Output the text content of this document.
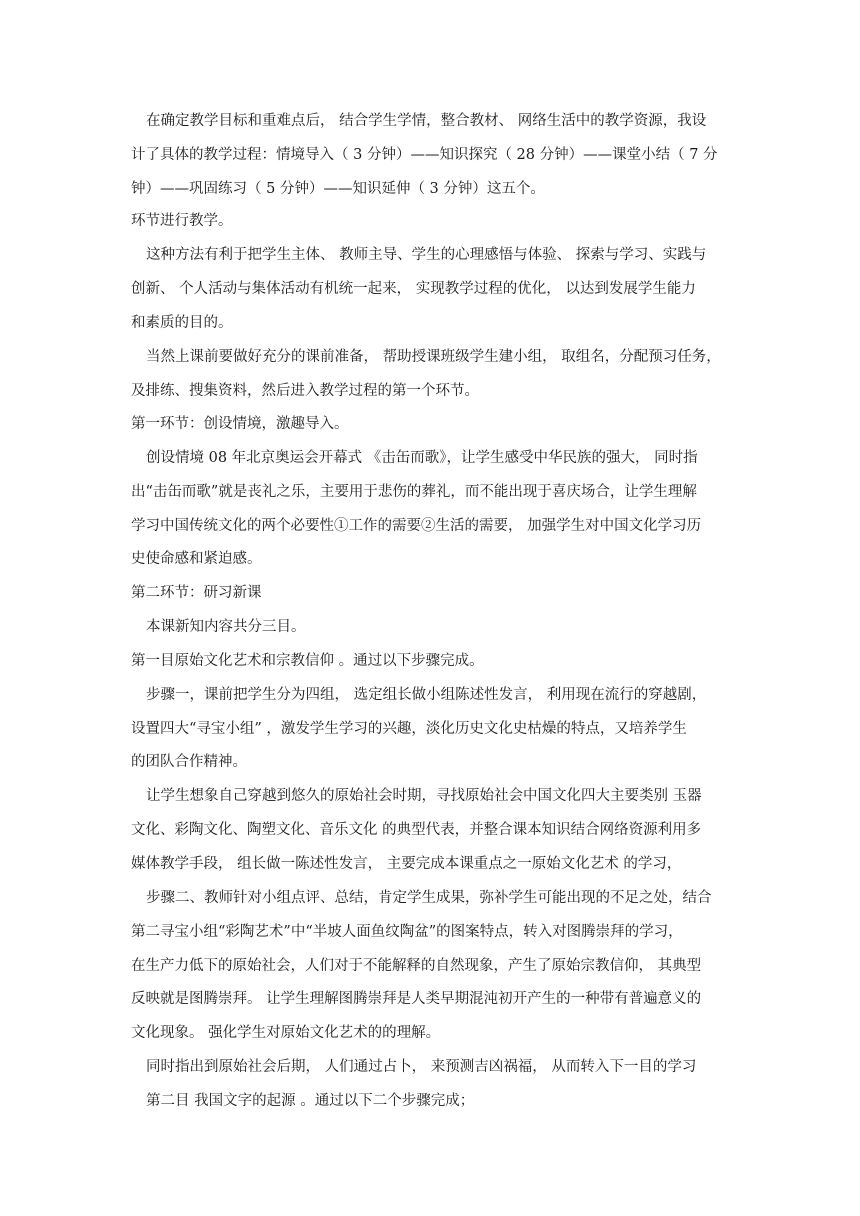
在确定教学目标和重难点后， 结合学生学情，整合教材、 网络生活中的教学资源，我设
计了具体的教学过程：情境导入（ 3 分钟）——知识探究（ 28 分钟）——课堂小结（ 7 分
钟）——巩固练习（ 5 分钟）——知识延伸（ 3 分钟）这五个。
环节进行教学。
这种方法有利于把学生主体、 教师主导、学生的心理感悟与体验、 探索与学习、实践与
创新、 个人活动与集体活动有机统一起来， 实现教学过程的优化， 以达到发展学生能力
和素质的目的。
当然上课前要做好充分的课前准备， 帮助授课班级学生建小组， 取组名，分配预习任务，
及排练、搜集资料，然后进入教学过程的第一个环节。
第一环节：创设情境，激趣导入。
创设情境 08 年北京奥运会开幕式 《击缶而歌》，让学生感受中华民族的强大， 同时指
出“击缶而歌”就是丧礼之乐，主要用于悲伤的葬礼，而不能出现于喜庆场合，让学生理解
学习中国传统文化的两个必要性①工作的需要②生活的需要， 加强学生对中国文化学习历
史使命感和紧迫感。
第二环节：研习新课
本课新知内容共分三目。
第一目原始文化艺术和宗教信仰 。通过以下步骤完成。
步骤一，课前把学生分为四组， 选定组长做小组陈述性发言， 利用现在流行的穿越剧，
设置四大“寻宝小组” ，激发学生学习的兴趣，淡化历史文化史枯燥的特点，又培养学生
的团队合作精神。
让学生想象自己穿越到悠久的原始社会时期，寻找原始社会中国文化四大主要类别 玉器
文化、彩陶文化、陶塑文化、音乐文化 的典型代表，并整合课本知识结合网络资源利用多
媒体教学手段， 组长做一陈述性发言， 主要完成本课重点之一原始文化艺术 的学习，
步骤二、教师针对小组点评、总结，肯定学生成果，弥补学生可能出现的不足之处，结合
第二寻宝小组“彩陶艺术”中“半坡人面鱼纹陶盆”的图案特点，转入对图腾崇拜的学习，
在生产力低下的原始社会，人们对于不能解释的自然现象，产生了原始宗教信仰， 其典型
反映就是图腾崇拜。 让学生理解图腾崇拜是人类早期混沌初开产生的一种带有普遍意义的
文化现象。 强化学生对原始文化艺术的的理解。
同时指出到原始社会后期， 人们通过占卜， 来预测吉凶祸福， 从而转入下一目的学习
第二目 我国文字的起源 。通过以下二个步骤完成；
